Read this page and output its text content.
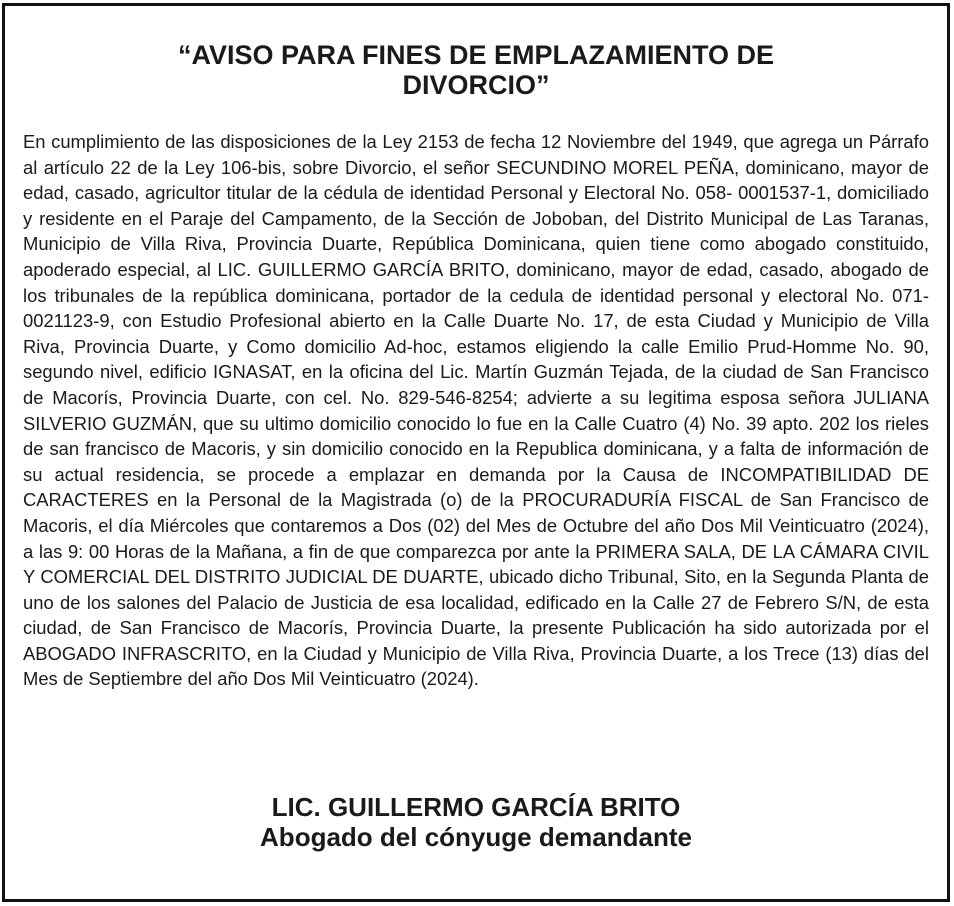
“AVISO PARA FINES DE EMPLAZAMIENTO DE
DIVORCIO”

En cumplimiento de las disposiciones de la Ley 2153 de fecha 12 Noviembre del 1949, que agrega un Párrafo al artículo 22 de la Ley 106-bis, sobre Divorcio, el señor SECUNDINO MOREL PEÑA, dominicano, mayor de edad, casado, agricultor titular de la cédula de identidad Personal y Electoral No. 058- 0001537-1, domiciliado y residente en el Paraje del Campamento, de la Sección de Joboban, del Distrito Municipal de Las Taranas, Municipio de Villa Riva, Provincia Duarte, República Dominicana, quien tiene como abogado constituido, apoderado especial, al LIC. GUILLERMO GARCÍA BRITO, dominicano, mayor de edad, casado, abogado de los tribunales de la república dominicana, portador de la cedula de identidad personal y electoral No. 071-0021123-9, con Estudio Profesional abierto en la Calle Duarte No. 17, de esta Ciudad y Municipio de Villa Riva, Provincia Duarte, y Como domicilio Ad-hoc, estamos eligiendo la calle Emilio Prud-Homme No. 90, segundo nivel, edificio IGNASAT, en la oficina del Lic. Martín Guzmán Tejada, de la ciudad de San Francisco de Macorís, Provincia Duarte, con cel. No. 829-546-8254; advierte a su legitima esposa señora JULIANA SILVERIO GUZMÁN, que su ultimo domicilio conocido lo fue en la Calle Cuatro (4) No. 39 apto. 202 los rieles de san francisco de Macoris, y sin domicilio conocido en la Republica dominicana, y a falta de información de su actual residencia, se procede a emplazar en demanda por la Causa de INCOMPATIBILIDAD DE CARACTERES en la Personal de la Magistrada (o) de la PROCURADURÍA FISCAL de San Francisco de Macoris, el día Miércoles que contaremos a Dos (02) del Mes de Octubre del año Dos Mil Veinticuatro (2024), a las 9: 00 Horas de la Mañana, a fin de que comparezca por ante la PRIMERA SALA, DE LA CÁMARA CIVIL Y COMERCIAL DEL DISTRITO JUDICIAL DE DUARTE, ubicado dicho Tribunal, Sito, en la Segunda Planta de uno de los salones del Palacio de Justicia de esa localidad, edificado en la Calle 27 de Febrero S/N, de esta ciudad, de San Francisco de Macorís, Provincia Duarte, la presente Publicación ha sido autorizada por el ABOGADO INFRASCRITO, en la Ciudad y Municipio de Villa Riva, Provincia Duarte, a los Trece (13) días del Mes de Septiembre del año Dos Mil Veinticuatro (2024).

LIC. GUILLERMO GARCÍA BRITO
Abogado del cónyuge demandante
